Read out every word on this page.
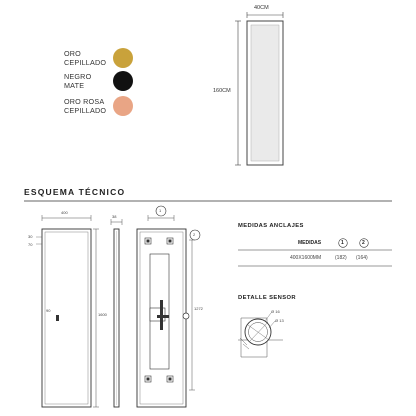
ORO
CEPILLADO
NEGRO
MATE
ORO ROSA
CEPILLADO
40CM
160CM
ESQUEMA TÉCNICO
400
1600
30
70
90
38
1
2
1272
MEDIDAS ANCLAJES
MEDIDAS	1	2
400X1600MM	(182) (164)
DETALLE SENSOR
Ø 16
Ø 13
